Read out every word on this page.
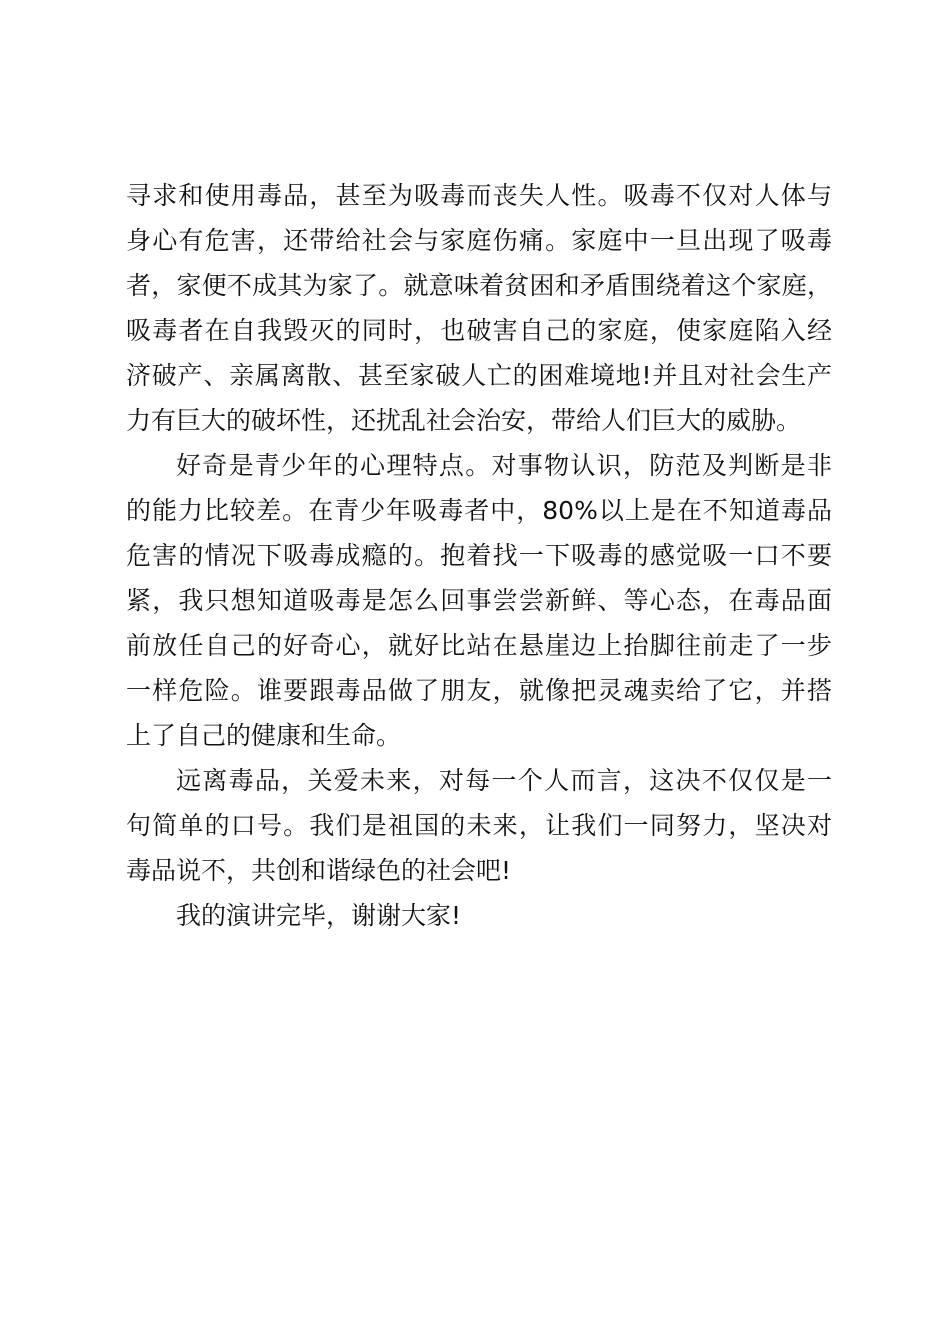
寻求和使用毒品，甚至为吸毒而丧失人性。吸毒不仅对人体与
身心有危害，还带给社会与家庭伤痛。家庭中一旦出现了吸毒
者，家便不成其为家了。就意味着贫困和矛盾围绕着这个家庭，
吸毒者在自我毁灭的同时，也破害自己的家庭，使家庭陷入经
济破产、亲属离散、甚至家破人亡的困难境地!并且对社会生产
力有巨大的破坏性，还扰乱社会治安，带给人们巨大的威胁。
好奇是青少年的心理特点。对事物认识，防范及判断是非
的能力比较差。在青少年吸毒者中，80%以上是在不知道毒品
危害的情况下吸毒成瘾的。抱着找一下吸毒的感觉吸一口不要
紧，我只想知道吸毒是怎么回事尝尝新鲜、等心态，在毒品面
前放任自己的好奇心，就好比站在悬崖边上抬脚往前走了一步
一样危险。谁要跟毒品做了朋友，就像把灵魂卖给了它，并搭
上了自己的健康和生命。
远离毒品，关爱未来，对每一个人而言，这决不仅仅是一
句简单的口号。我们是祖国的未来，让我们一同努力，坚决对
毒品说不，共创和谐绿色的社会吧!
我的演讲完毕，谢谢大家!
